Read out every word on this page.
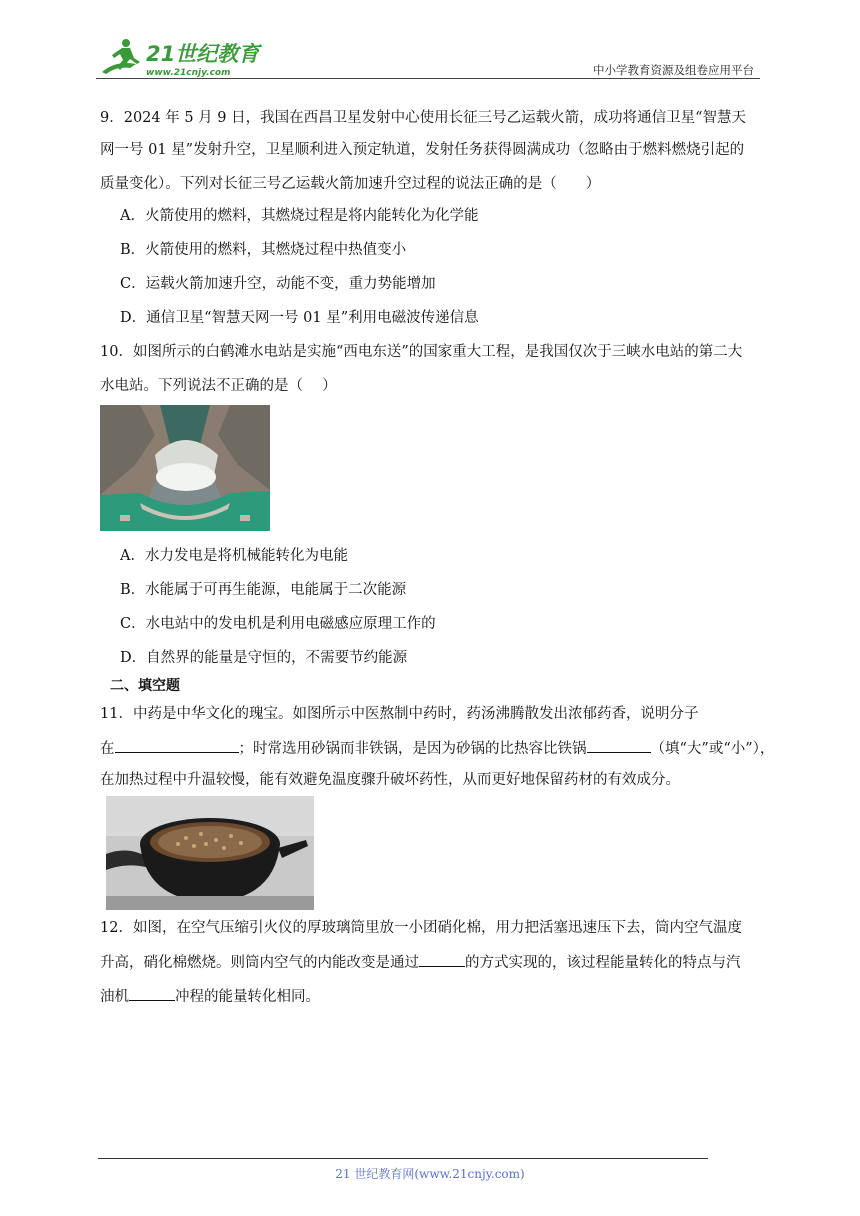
21世纪教育
www.21cnjy.com	中小学教育资源及组卷应用平台
9．2024 年 5 月 9 日，我国在西昌卫星发射中心使用长征三号乙运载火箭，成功将通信卫星“智慧天
网一号 01 星”发射升空，卫星顺利进入预定轨道，发射任务获得圆满成功（忽略由于燃料燃烧引起的
质量变化）。下列对长征三号乙运载火箭加速升空过程的说法正确的是（　　）
A．火箭使用的燃料，其燃烧过程是将内能转化为化学能
B．火箭使用的燃料，其燃烧过程中热值变小
C．运载火箭加速升空，动能不变，重力势能增加
D．通信卫星“智慧天网一号 01 星”利用电磁波传递信息
10．如图所示的白鹤滩水电站是实施“西电东送”的国家重大工程，是我国仅次于三峡水电站的第二大
水电站。下列说法不正确的是（　 ）
A．水力发电是将机械能转化为电能
B．水能属于可再生能源，电能属于二次能源
C．水电站中的发电机是利用电磁感应原理工作的
D．自然界的能量是守恒的，不需要节约能源
二、填空题
11．中药是中华文化的瑰宝。如图所示中医熬制中药时，药汤沸腾散发出浓郁药香，说明分子
在	；时常选用砂锅而非铁锅，是因为砂锅的比热容比铁锅	（填“大”或“小”），
在加热过程中升温较慢，能有效避免温度骤升破坏药性，从而更好地保留药材的有效成分。
12．如图，在空气压缩引火仪的厚玻璃筒里放一小团硝化棉，用力把活塞迅速压下去，筒内空气温度
升高，硝化棉燃烧。则筒内空气的内能改变是通过	的方式实现的，该过程能量转化的特点与汽
油机	冲程的能量转化相同。
21 世纪教育网(www.21cnjy.com)
